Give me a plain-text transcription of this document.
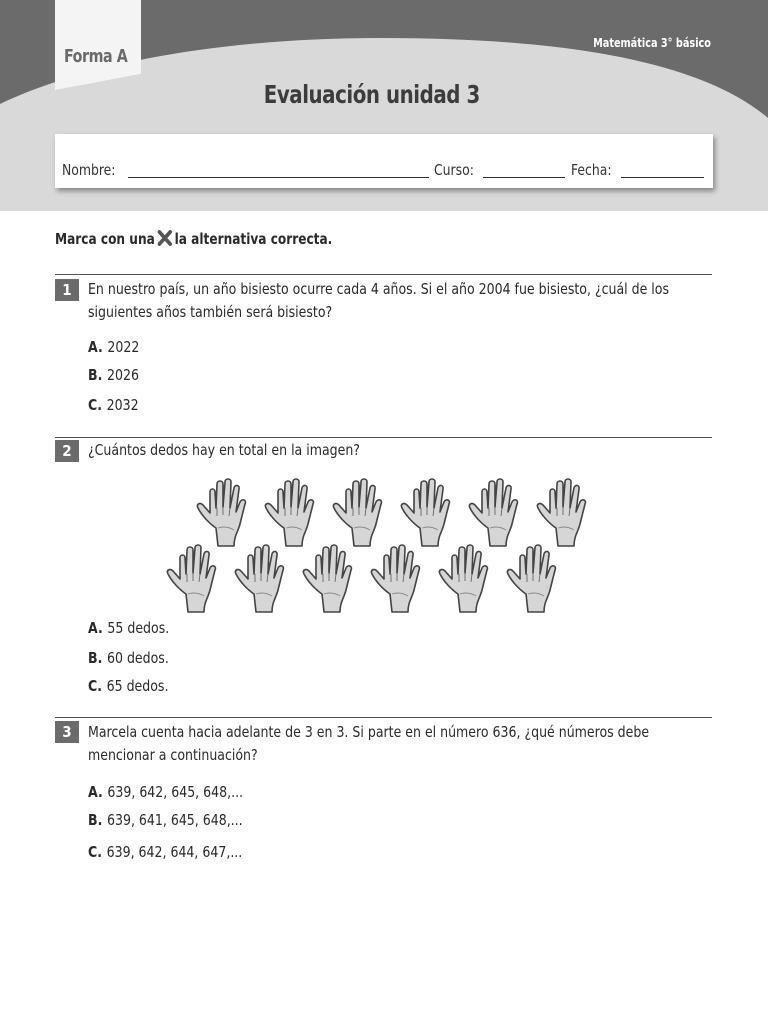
Forma A
Matemática 3° básico
Evaluación unidad 3
Nombre:	Curso:	Fecha:
Marca con una la alternativa correcta.
1	En nuestro país, un año bisiesto ocurre cada 4 años. Si el año 2004 fue bisiesto, ¿cuál de los siguientes años también será bisiesto?
A. 2022
B. 2026
C. 2032
2	¿Cuántos dedos hay en total en la imagen?
A. 55 dedos.
B. 60 dedos.
C. 65 dedos.
3	Marcela cuenta hacia adelante de 3 en 3. Si parte en el número 636, ¿qué números debe mencionar a continuación?
A. 639, 642, 645, 648,...
B. 639, 641, 645, 648,...
C. 639, 642, 644, 647,...
